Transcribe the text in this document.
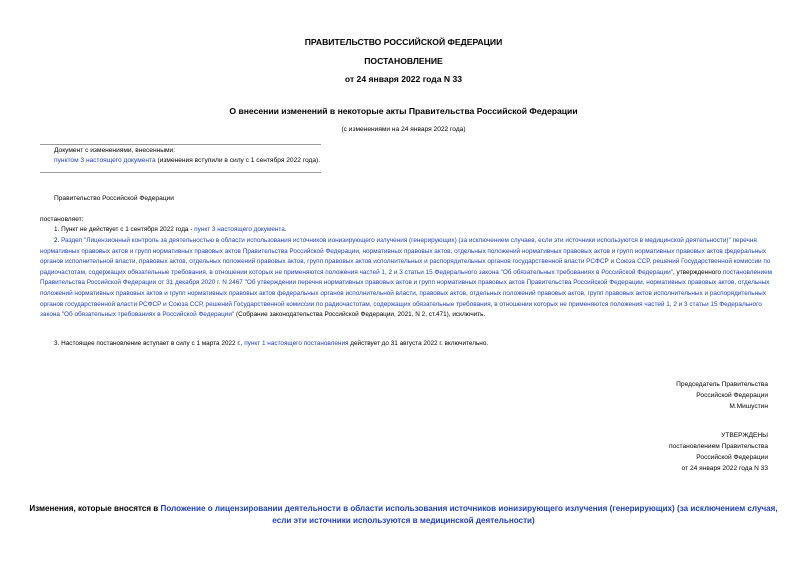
ПРАВИТЕЛЬСТВО РОССИЙСКОЙ ФЕДЕРАЦИИ
ПОСТАНОВЛЕНИЕ
от 24 января 2022 года N 33
О внесении изменений в некоторые акты Правительства Российской Федерации
(с изменениями на 24 января 2022 года)
Документ с изменениями, внесенными:
пунктом 3 настоящего документа (изменения вступили в силу с 1 сентября 2022 года).
Правительство Российской Федерации
постановляет:
1. Пункт не действует с 1 сентября 2022 года - пункт 3 настоящего документа.
2. Раздел "Лицензионный контроль за деятельностью в области использования источников ионизирующего излучения (генерирующих) (за исключением случаев, если эти источники используются в медицинской деятельности)" перечня нормативных правовых актов и групп нормативных правовых актов Правительства Российской Федерации, нормативных правовых актов, отдельных положений нормативных правовых актов и групп нормативных правовых актов федеральных органов исполнительной власти, правовых актов, отдельных положений правовых актов, групп правовых актов исполнительных и распорядительных органов государственной власти РСФСР и Союза ССР, решений Государственной комиссии по радиочастотам, содержащих обязательные требования, в отношении которых не применяются положения частей 1, 2 и 3 статьи 15 Федерального закона "Об обязательных требованиях в Российской Федерации", утвержденного постановлением Правительства Российской Федерации от 31 декабря 2020 г. N 2467 "Об утверждении перечня нормативных правовых актов и групп нормативных правовых актов Правительства Российской Федерации, нормативных правовых актов, отдельных положений нормативных правовых актов и групп нормативных правовых актов федеральных органов исполнительной власти, правовых актов, отдельных положений правовых актов, групп правовых актов исполнительных и распорядительных органов государственной власти РСФСР и Союза ССР, решений Государственной комиссии по радиочастотам, содержащих обязательные требования, в отношении которых не применяются положения частей 1, 2 и 3 статьи 15 Федерального закона "Об обязательных требованиях в Российской Федерации" (Собрание законодательства Российской Федерации, 2021, N 2, ст.471), исключить.
3. Настоящее постановление вступает в силу с 1 марта 2022 г., пункт 1 настоящего постановления действует до 31 августа 2022 г. включительно.
Председатель Правительства
Российской Федерации
М.Мишустин
УТВЕРЖДЕНЫ
постановлением Правительства
Российской Федерации
от 24 января 2022 года N 33
Изменения, которые вносятся в Положение о лицензировании деятельности в области использования источников ионизирующего излучения (генерирующих) (за исключением случая, если эти источники используются в медицинской деятельности)
